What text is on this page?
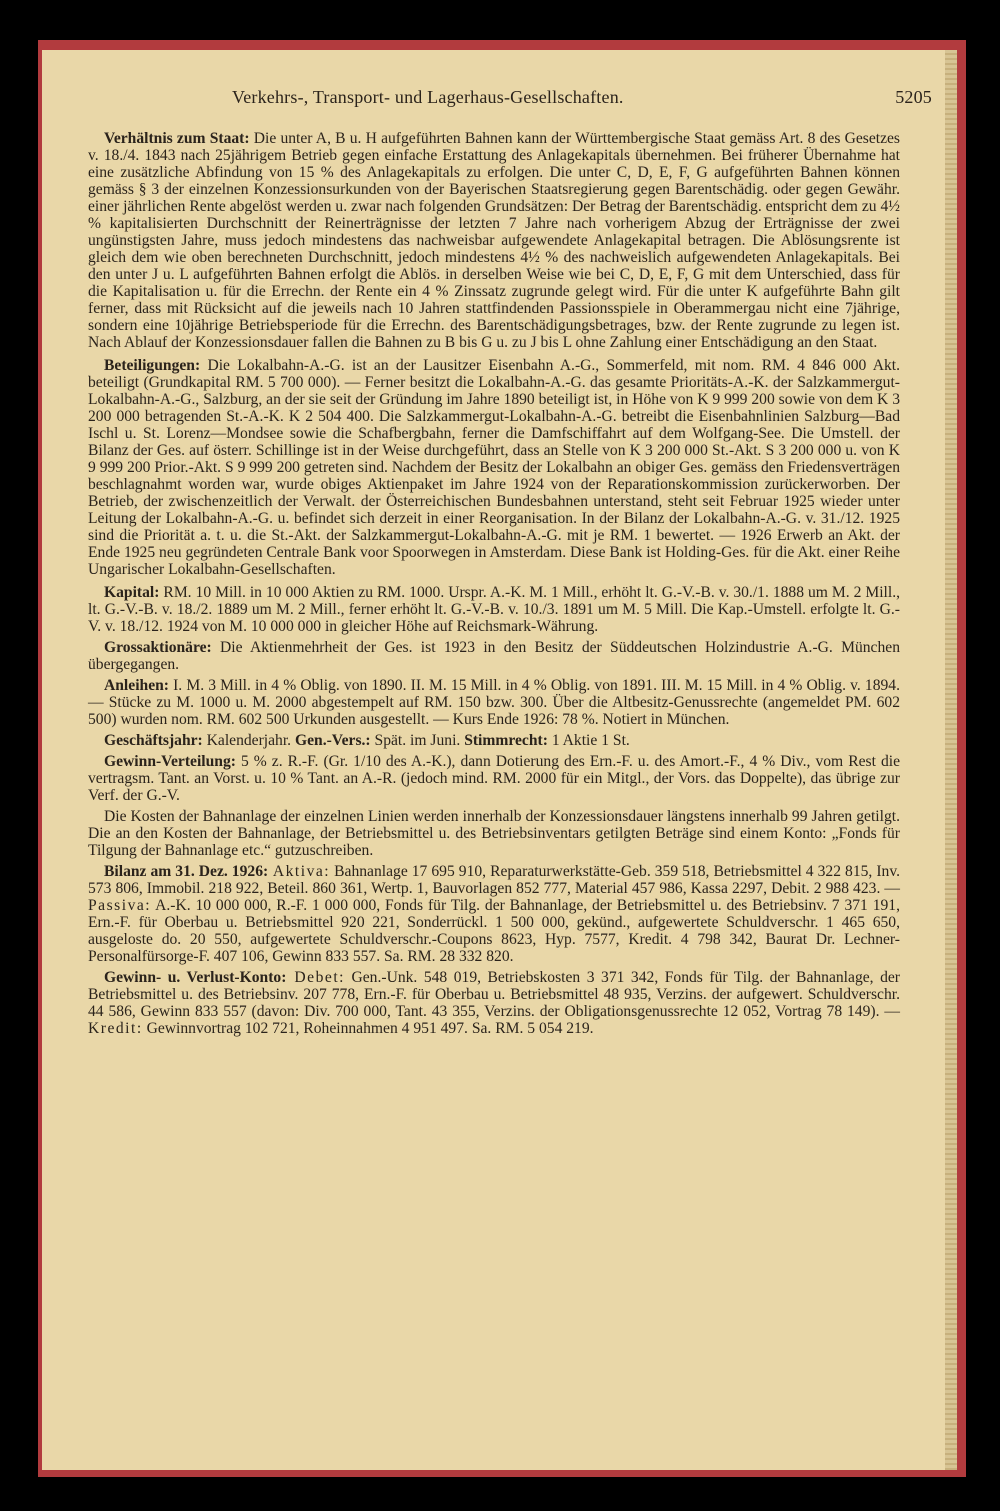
Verkehrs-, Transport- und Lagerhaus-Gesellschaften.	5205

Verhältnis zum Staat: Die unter A, B u. H aufgeführten Bahnen kann der Württembergische Staat gemäss Art. 8 des Gesetzes v. 18./4. 1843 nach 25jährigem Betrieb gegen einfache Erstattung des Anlagekapitals übernehmen. Bei früherer Übernahme hat eine zusätzliche Abfindung von 15 % des Anlagekapitals zu erfolgen. Die unter C, D, E, F, G aufgeführten Bahnen können gemäss § 3 der einzelnen Konzessionsurkunden von der Bayerischen Staatsregierung gegen Barentschädig. oder gegen Gewähr. einer jährlichen Rente abgelöst werden u. zwar nach folgenden Grundsätzen: Der Betrag der Barentschädig. entspricht dem zu 4½ % kapitalisierten Durchschnitt der Reinerträgnisse der letzten 7 Jahre nach vorherigem Abzug der Erträgnisse der zwei ungünstigsten Jahre, muss jedoch mindestens das nachweisbar aufgewendete Anlagekapital betragen. Die Ablösungsrente ist gleich dem wie oben berechneten Durchschnitt, jedoch mindestens 4½ % des nachweislich aufgewendeten Anlagekapitals. Bei den unter J u. L aufgeführten Bahnen erfolgt die Ablös. in derselben Weise wie bei C, D, E, F, G mit dem Unterschied, dass für die Kapitalisation u. für die Errechn. der Rente ein 4 % Zinssatz zugrunde gelegt wird. Für die unter K aufgeführte Bahn gilt ferner, dass mit Rücksicht auf die jeweils nach 10 Jahren stattfindenden Passionsspiele in Oberammergau nicht eine 7jährige, sondern eine 10jährige Betriebsperiode für die Errechn. des Barentschädigungsbetrages, bzw. der Rente zugrunde zu legen ist. Nach Ablauf der Konzessionsdauer fallen die Bahnen zu B bis G u. zu J bis L ohne Zahlung einer Entschädigung an den Staat.

Beteiligungen: Die Lokalbahn-A.-G. ist an der Lausitzer Eisenbahn A.-G., Sommerfeld, mit nom. RM. 4 846 000 Akt. beteiligt (Grundkapital RM. 5 700 000). — Ferner besitzt die Lokalbahn-A.-G. das gesamte Prioritäts-A.-K. der Salzkammergut-Lokalbahn-A.-G., Salzburg, an der sie seit der Gründung im Jahre 1890 beteiligt ist, in Höhe von K 9 999 200 sowie von dem K 3 200 000 betragenden St.-A.-K. K 2 504 400. Die Salzkammergut-Lokalbahn-A.-G. betreibt die Eisenbahnlinien Salzburg—Bad Ischl u. St. Lorenz—Mondsee sowie die Schafbergbahn, ferner die Damfschiffahrt auf dem Wolfgang-See. Die Umstell. der Bilanz der Ges. auf österr. Schillinge ist in der Weise durchgeführt, dass an Stelle von K 3 200 000 St.-Akt. S 3 200 000 u. von K 9 999 200 Prior.-Akt. S 9 999 200 getreten sind. Nachdem der Besitz der Lokalbahn an obiger Ges. gemäss den Friedensverträgen beschlagnahmt worden war, wurde obiges Aktienpaket im Jahre 1924 von der Reparationskommission zurückerworben. Der Betrieb, der zwischenzeitlich der Verwalt. der Österreichischen Bundesbahnen unterstand, steht seit Februar 1925 wieder unter Leitung der Lokalbahn-A.-G. u. befindet sich derzeit in einer Reorganisation. In der Bilanz der Lokalbahn-A.-G. v. 31./12. 1925 sind die Priorität a. t. u. die St.-Akt. der Salzkammergut-Lokalbahn-A.-G. mit je RM. 1 bewertet. — 1926 Erwerb an Akt. der Ende 1925 neu gegründeten Centrale Bank voor Spoorwegen in Amsterdam. Diese Bank ist Holding-Ges. für die Akt. einer Reihe Ungarischer Lokalbahn-Gesellschaften.

Kapital: RM. 10 Mill. in 10 000 Aktien zu RM. 1000. Urspr. A.-K. M. 1 Mill., erhöht lt. G.-V.-B. v. 30./1. 1888 um M. 2 Mill., lt. G.-V.-B. v. 18./2. 1889 um M. 2 Mill., ferner erhöht lt. G.-V.-B. v. 10./3. 1891 um M. 5 Mill. Die Kap.-Umstell. erfolgte lt. G.-V. v. 18./12. 1924 von M. 10 000 000 in gleicher Höhe auf Reichsmark-Währung.

Grossaktionäre: Die Aktienmehrheit der Ges. ist 1923 in den Besitz der Süddeutschen Holzindustrie A.-G. München übergegangen.

Anleihen: I. M. 3 Mill. in 4 % Oblig. von 1890. II. M. 15 Mill. in 4 % Oblig. von 1891. III. M. 15 Mill. in 4 % Oblig. v. 1894. — Stücke zu M. 1000 u. M. 2000 abgestempelt auf RM. 150 bzw. 300. Über die Altbesitz-Genussrechte (angemeldet PM. 602 500) wurden nom. RM. 602 500 Urkunden ausgestellt. — Kurs Ende 1926: 78 %. Notiert in München.

Geschäftsjahr: Kalenderjahr. Gen.-Vers.: Spät. im Juni. Stimmrecht: 1 Aktie 1 St.

Gewinn-Verteilung: 5 % z. R.-F. (Gr. 1/10 des A.-K.), dann Dotierung des Ern.-F. u. des Amort.-F., 4 % Div., vom Rest die vertragsm. Tant. an Vorst. u. 10 % Tant. an A.-R. (jedoch mind. RM. 2000 für ein Mitgl., der Vors. das Doppelte), das übrige zur Verf. der G.-V.

Die Kosten der Bahnanlage der einzelnen Linien werden innerhalb der Konzessionsdauer längstens innerhalb 99 Jahren getilgt. Die an den Kosten der Bahnanlage, der Betriebsmittel u. des Betriebsinventars getilgten Beträge sind einem Konto: „Fonds für Tilgung der Bahnanlage etc.“ gutzuschreiben.

Bilanz am 31. Dez. 1926: Aktiva: Bahnanlage 17 695 910, Reparaturwerkstätte-Geb. 359 518, Betriebsmittel 4 322 815, Inv. 573 806, Immobil. 218 922, Beteil. 860 361, Wertp. 1, Bauvorlagen 852 777, Material 457 986, Kassa 2297, Debit. 2 988 423. — Passiva: A.-K. 10 000 000, R.-F. 1 000 000, Fonds für Tilg. der Bahnanlage, der Betriebsmittel u. des Betriebsinv. 7 371 191, Ern.-F. für Oberbau u. Betriebsmittel 920 221, Sonderrückl. 1 500 000, gekünd., aufgewertete Schuldverschr. 1 465 650, ausgeloste do. 20 550, aufgewertete Schuldverschr.-Coupons 8623, Hyp. 7577, Kredit. 4 798 342, Baurat Dr. Lechner-Personalfürsorge-F. 407 106, Gewinn 833 557. Sa. RM. 28 332 820.

Gewinn- u. Verlust-Konto: Debet: Gen.-Unk. 548 019, Betriebskosten 3 371 342, Fonds für Tilg. der Bahnanlage, der Betriebsmittel u. des Betriebsinv. 207 778, Ern.-F. für Oberbau u. Betriebsmittel 48 935, Verzins. der aufgewert. Schuldverschr. 44 586, Gewinn 833 557 (davon: Div. 700 000, Tant. 43 355, Verzins. der Obligationsgenussrechte 12 052, Vortrag 78 149). — Kredit: Gewinnvortrag 102 721, Roheinnahmen 4 951 497. Sa. RM. 5 054 219.
